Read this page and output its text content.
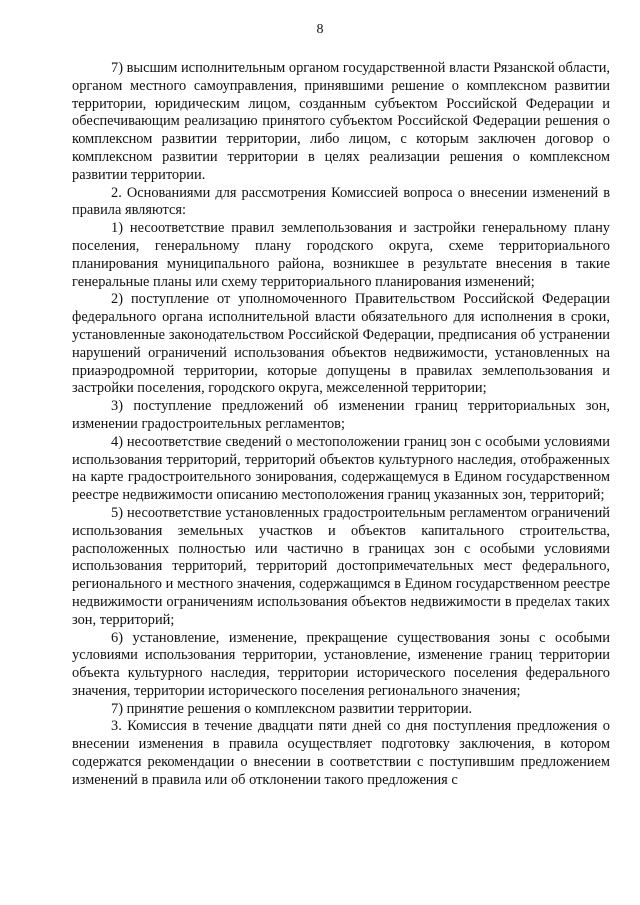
8

7) высшим исполнительным органом государственной власти Рязанской области, органом местного самоуправления, принявшими решение о комплексном развитии территории, юридическим лицом, созданным субъектом Российской Федерации и обеспечивающим реализацию принятого субъектом Российской Федерации решения о комплексном развитии территории, либо лицом, с которым заключен договор о комплексном развитии территории в целях реализации решения о комплексном развитии территории.

2. Основаниями для рассмотрения Комиссией вопроса о внесении изменений в правила являются:

1) несоответствие правил землепользования и застройки генеральному плану поселения, генеральному плану городского округа, схеме территориального планирования муниципального района, возникшее в результате внесения в такие генеральные планы или схему территориального планирования изменений;

2) поступление от уполномоченного Правительством Российской Федерации федерального органа исполнительной власти обязательного для исполнения в сроки, установленные законодательством Российской Федерации, предписания об устранении нарушений ограничений использования объектов недвижимости, установленных на приаэродромной территории, которые допущены в правилах землепользования и застройки поселения, городского округа, межселенной территории;

3) поступление предложений об изменении границ территориальных зон, изменении градостроительных регламентов;

4) несоответствие сведений о местоположении границ зон с особыми условиями использования территорий, территорий объектов культурного наследия, отображенных на карте градостроительного зонирования, содержащемуся в Едином государственном реестре недвижимости описанию местоположения границ указанных зон, территорий;

5) несоответствие установленных градостроительным регламентом ограничений использования земельных участков и объектов капитального строительства, расположенных полностью или частично в границах зон с особыми условиями использования территорий, территорий достопримечательных мест федерального, регионального и местного значения, содержащимся в Едином государственном реестре недвижимости ограничениям использования объектов недвижимости в пределах таких зон, территорий;

6) установление, изменение, прекращение существования зоны с особыми условиями использования территории, установление, изменение границ территории объекта культурного наследия, территории исторического поселения федерального значения, территории исторического поселения регионального значения;

7) принятие решения о комплексном развитии территории.

3. Комиссия в течение двадцати пяти дней со дня поступления предложения о внесении изменения в правила осуществляет подготовку заключения, в котором содержатся рекомендации о внесении в соответствии с поступившим предложением изменений в правила или об отклонении такого предложения с
